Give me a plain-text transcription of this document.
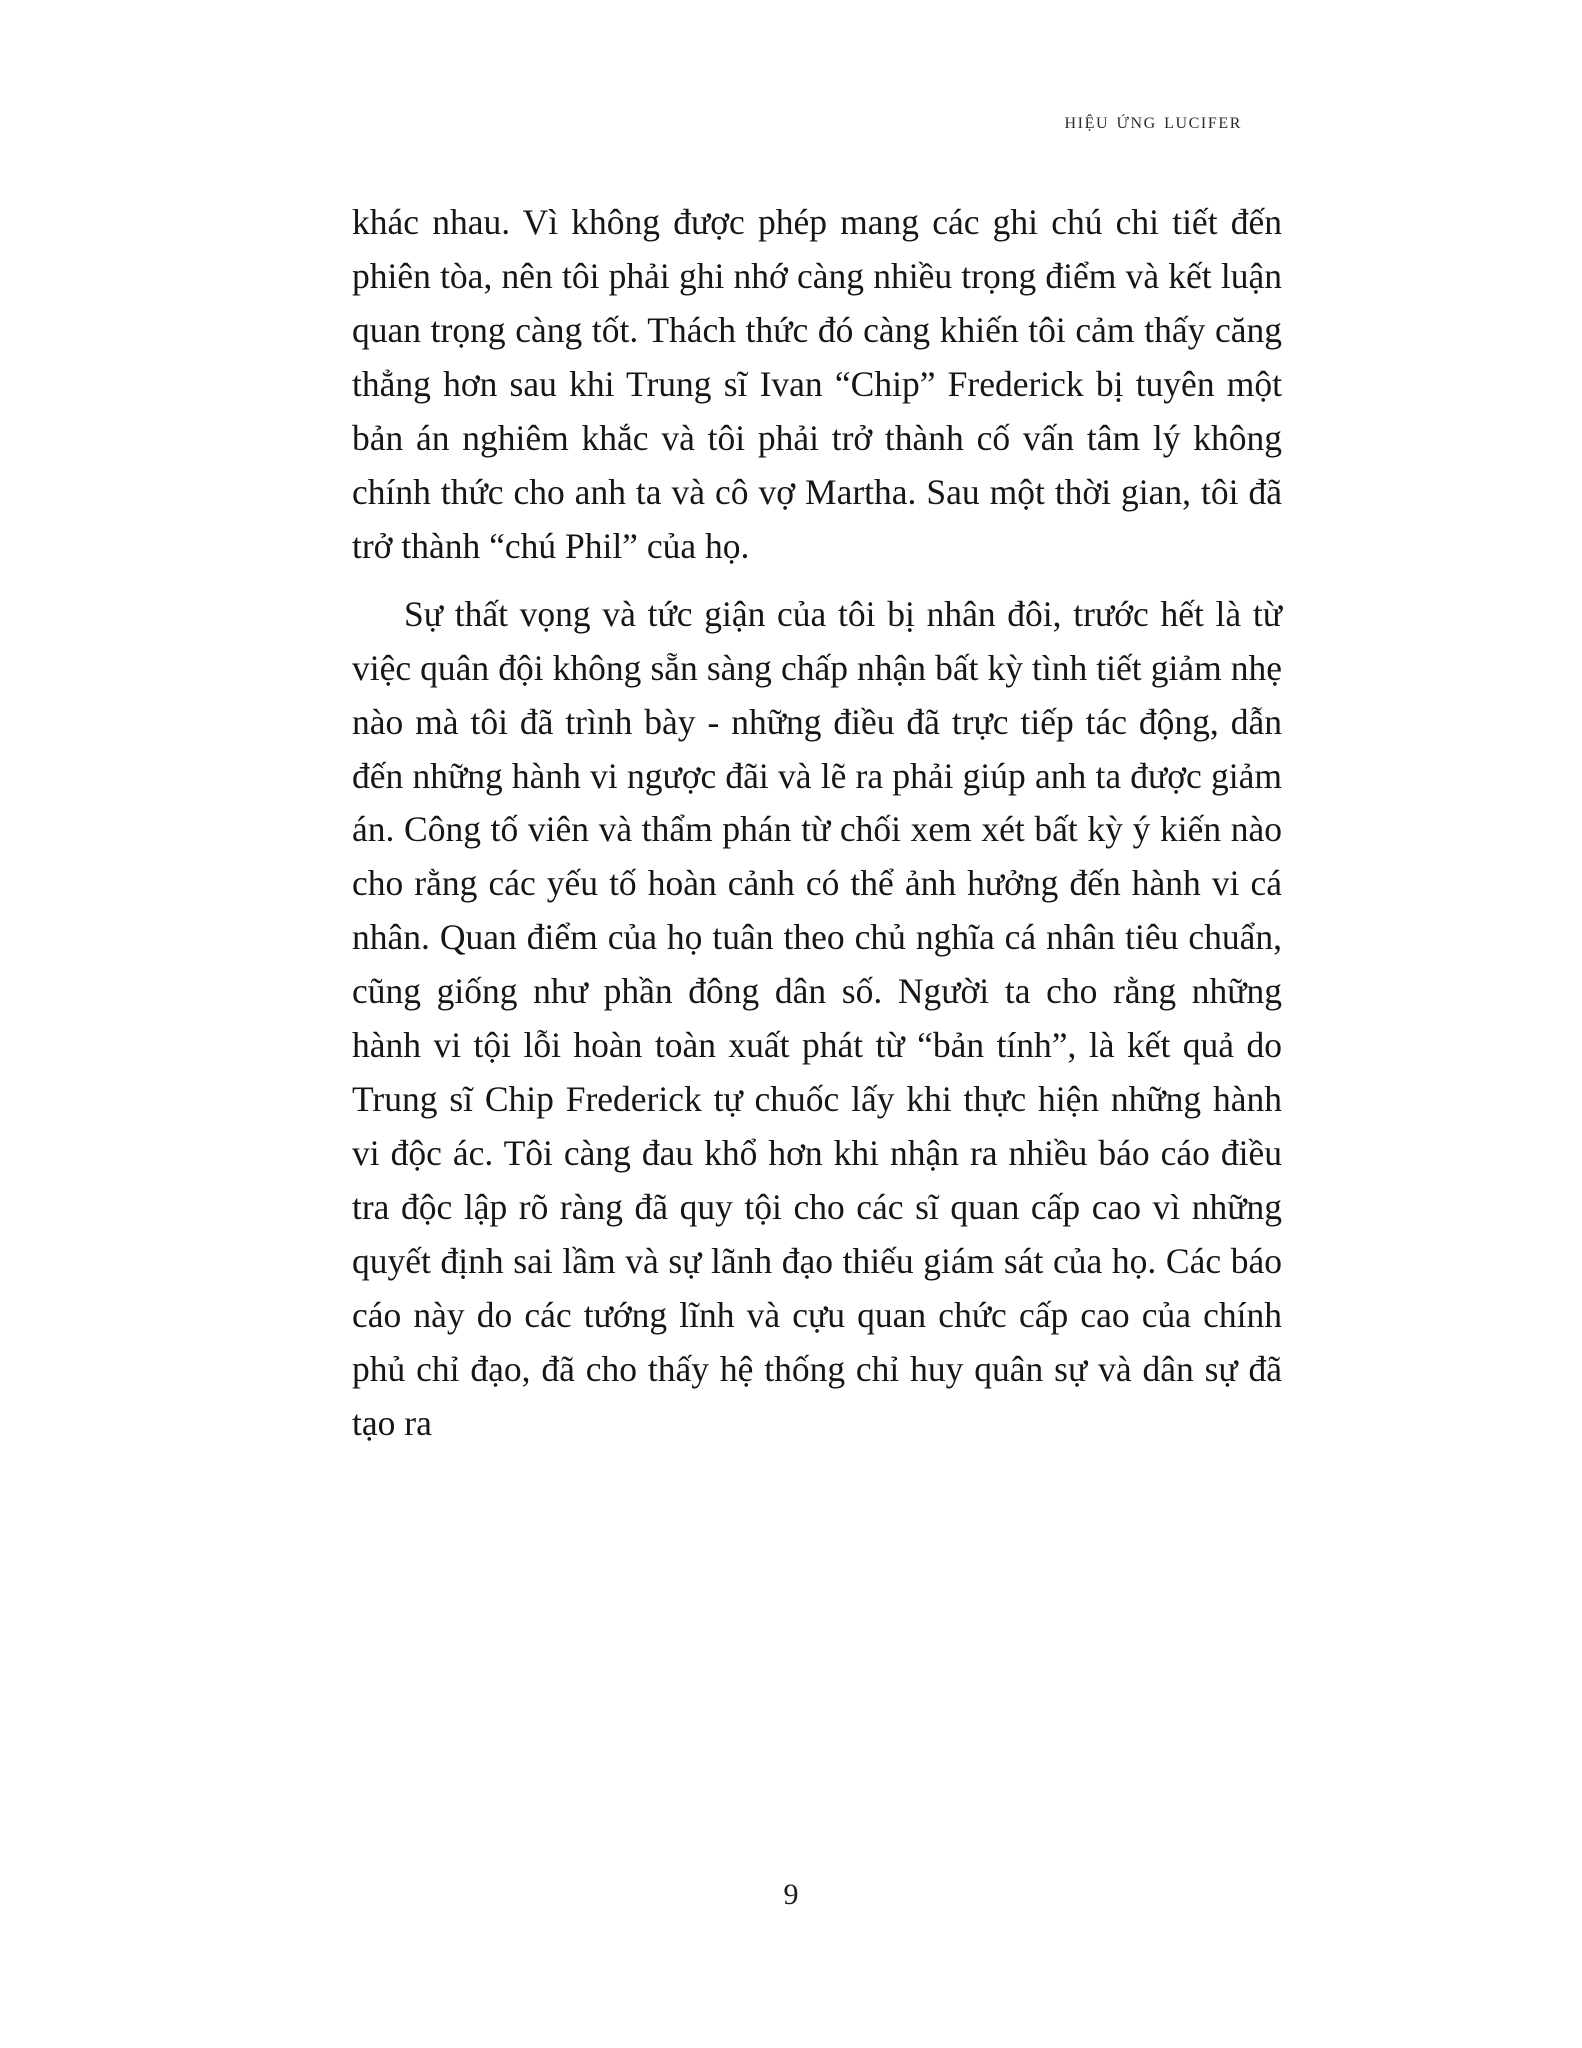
hiệu ứng lucifer

khác nhau. Vì không được phép mang các ghi chú chi tiết đến phiên tòa, nên tôi phải ghi nhớ càng nhiều trọng điểm và kết luận quan trọng càng tốt. Thách thức đó càng khiến tôi cảm thấy căng thẳng hơn sau khi Trung sĩ Ivan “Chip” Frederick bị tuyên một bản án nghiêm khắc và tôi phải trở thành cố vấn tâm lý không chính thức cho anh ta và cô vợ Martha. Sau một thời gian, tôi đã trở thành “chú Phil” của họ.

Sự thất vọng và tức giận của tôi bị nhân đôi, trước hết là từ việc quân đội không sẵn sàng chấp nhận bất kỳ tình tiết giảm nhẹ nào mà tôi đã trình bày - những điều đã trực tiếp tác động, dẫn đến những hành vi ngược đãi và lẽ ra phải giúp anh ta được giảm án. Công tố viên và thẩm phán từ chối xem xét bất kỳ ý kiến nào cho rằng các yếu tố hoàn cảnh có thể ảnh hưởng đến hành vi cá nhân. Quan điểm của họ tuân theo chủ nghĩa cá nhân tiêu chuẩn, cũng giống như phần đông dân số. Người ta cho rằng những hành vi tội lỗi hoàn toàn xuất phát từ “bản tính”, là kết quả do Trung sĩ Chip Frederick tự chuốc lấy khi thực hiện những hành vi độc ác. Tôi càng đau khổ hơn khi nhận ra nhiều báo cáo điều tra độc lập rõ ràng đã quy tội cho các sĩ quan cấp cao vì những quyết định sai lầm và sự lãnh đạo thiếu giám sát của họ. Các báo cáo này do các tướng lĩnh và cựu quan chức cấp cao của chính phủ chỉ đạo, đã cho thấy hệ thống chỉ huy quân sự và dân sự đã tạo ra

9
